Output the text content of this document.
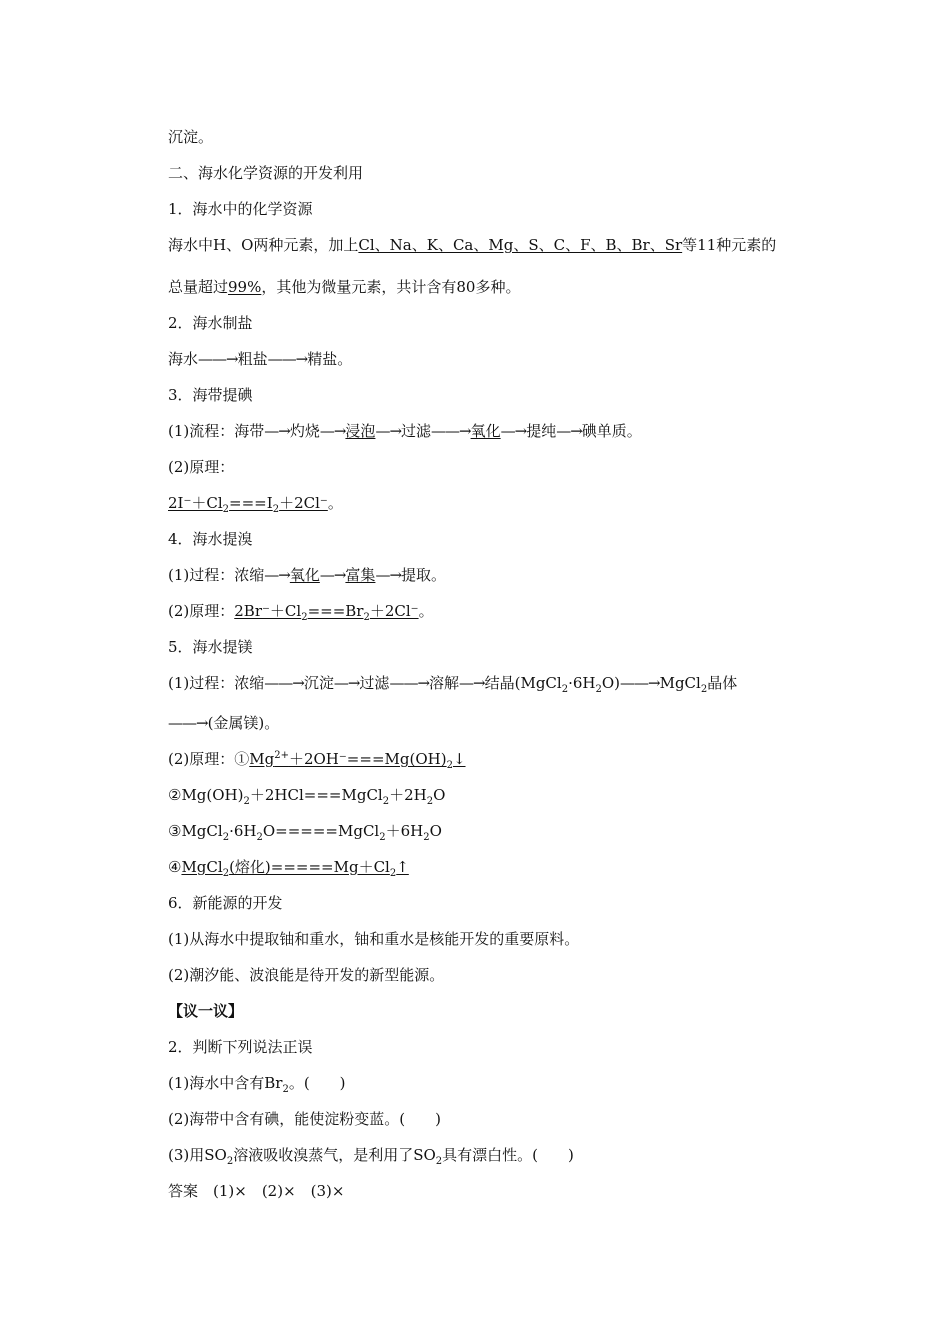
沉淀。
二、海水化学资源的开发利用
1．海水中的化学资源
海水中H、O两种元素，加上Cl、Na、K、Ca、Mg、S、C、F、B、Br、Sr等11种元素的
总量超过99%，其他为微量元素，共计含有80多种。
2．海水制盐
海水——→粗盐——→精盐。
3．海带提碘
(1)流程：海带—→灼烧—→浸泡—→过滤——→氧化—→提纯—→碘单质。
(2)原理：
$2I^-+Cl_2===I_2+2Cl^-$。
4．海水提溴
(1)过程：浓缩—→氧化—→富集—→提取。
(2)原理：$2Br^-+Cl_2===Br_2+2Cl^-$。
5．海水提镁
(1)过程：浓缩——→沉淀—→过滤——→溶解—→结晶$(MgCl_2\cdot 6H_2O)——\to MgCl_2$晶体
——→(金属镁)。
(2)原理：$①Mg^{2+}+2OH^-===Mg(OH)_2↓$
$②Mg(OH)_2+2HCl===MgCl_2+2H_2O$
$③MgCl_2\cdot 6H_2O=====MgCl_2+6H_2O$
④MgCl$_2$(熔化)$=====Mg+Cl_2↑$
6．新能源的开发
(1)从海水中提取铀和重水，铀和重水是核能开发的重要原料。
(2)潮汐能、波浪能是待开发的新型能源。
【议一议】
2．判断下列说法正误
(1)海水中含有$Br_2$。(　　)
(2)海带中含有碘，能使淀粉变蓝。(　　)
(3)用$SO_2$溶液吸收溴蒸气，是利用了$SO_2$具有漂白性。(　　)
答案　(1)×　(2)×　(3)×
